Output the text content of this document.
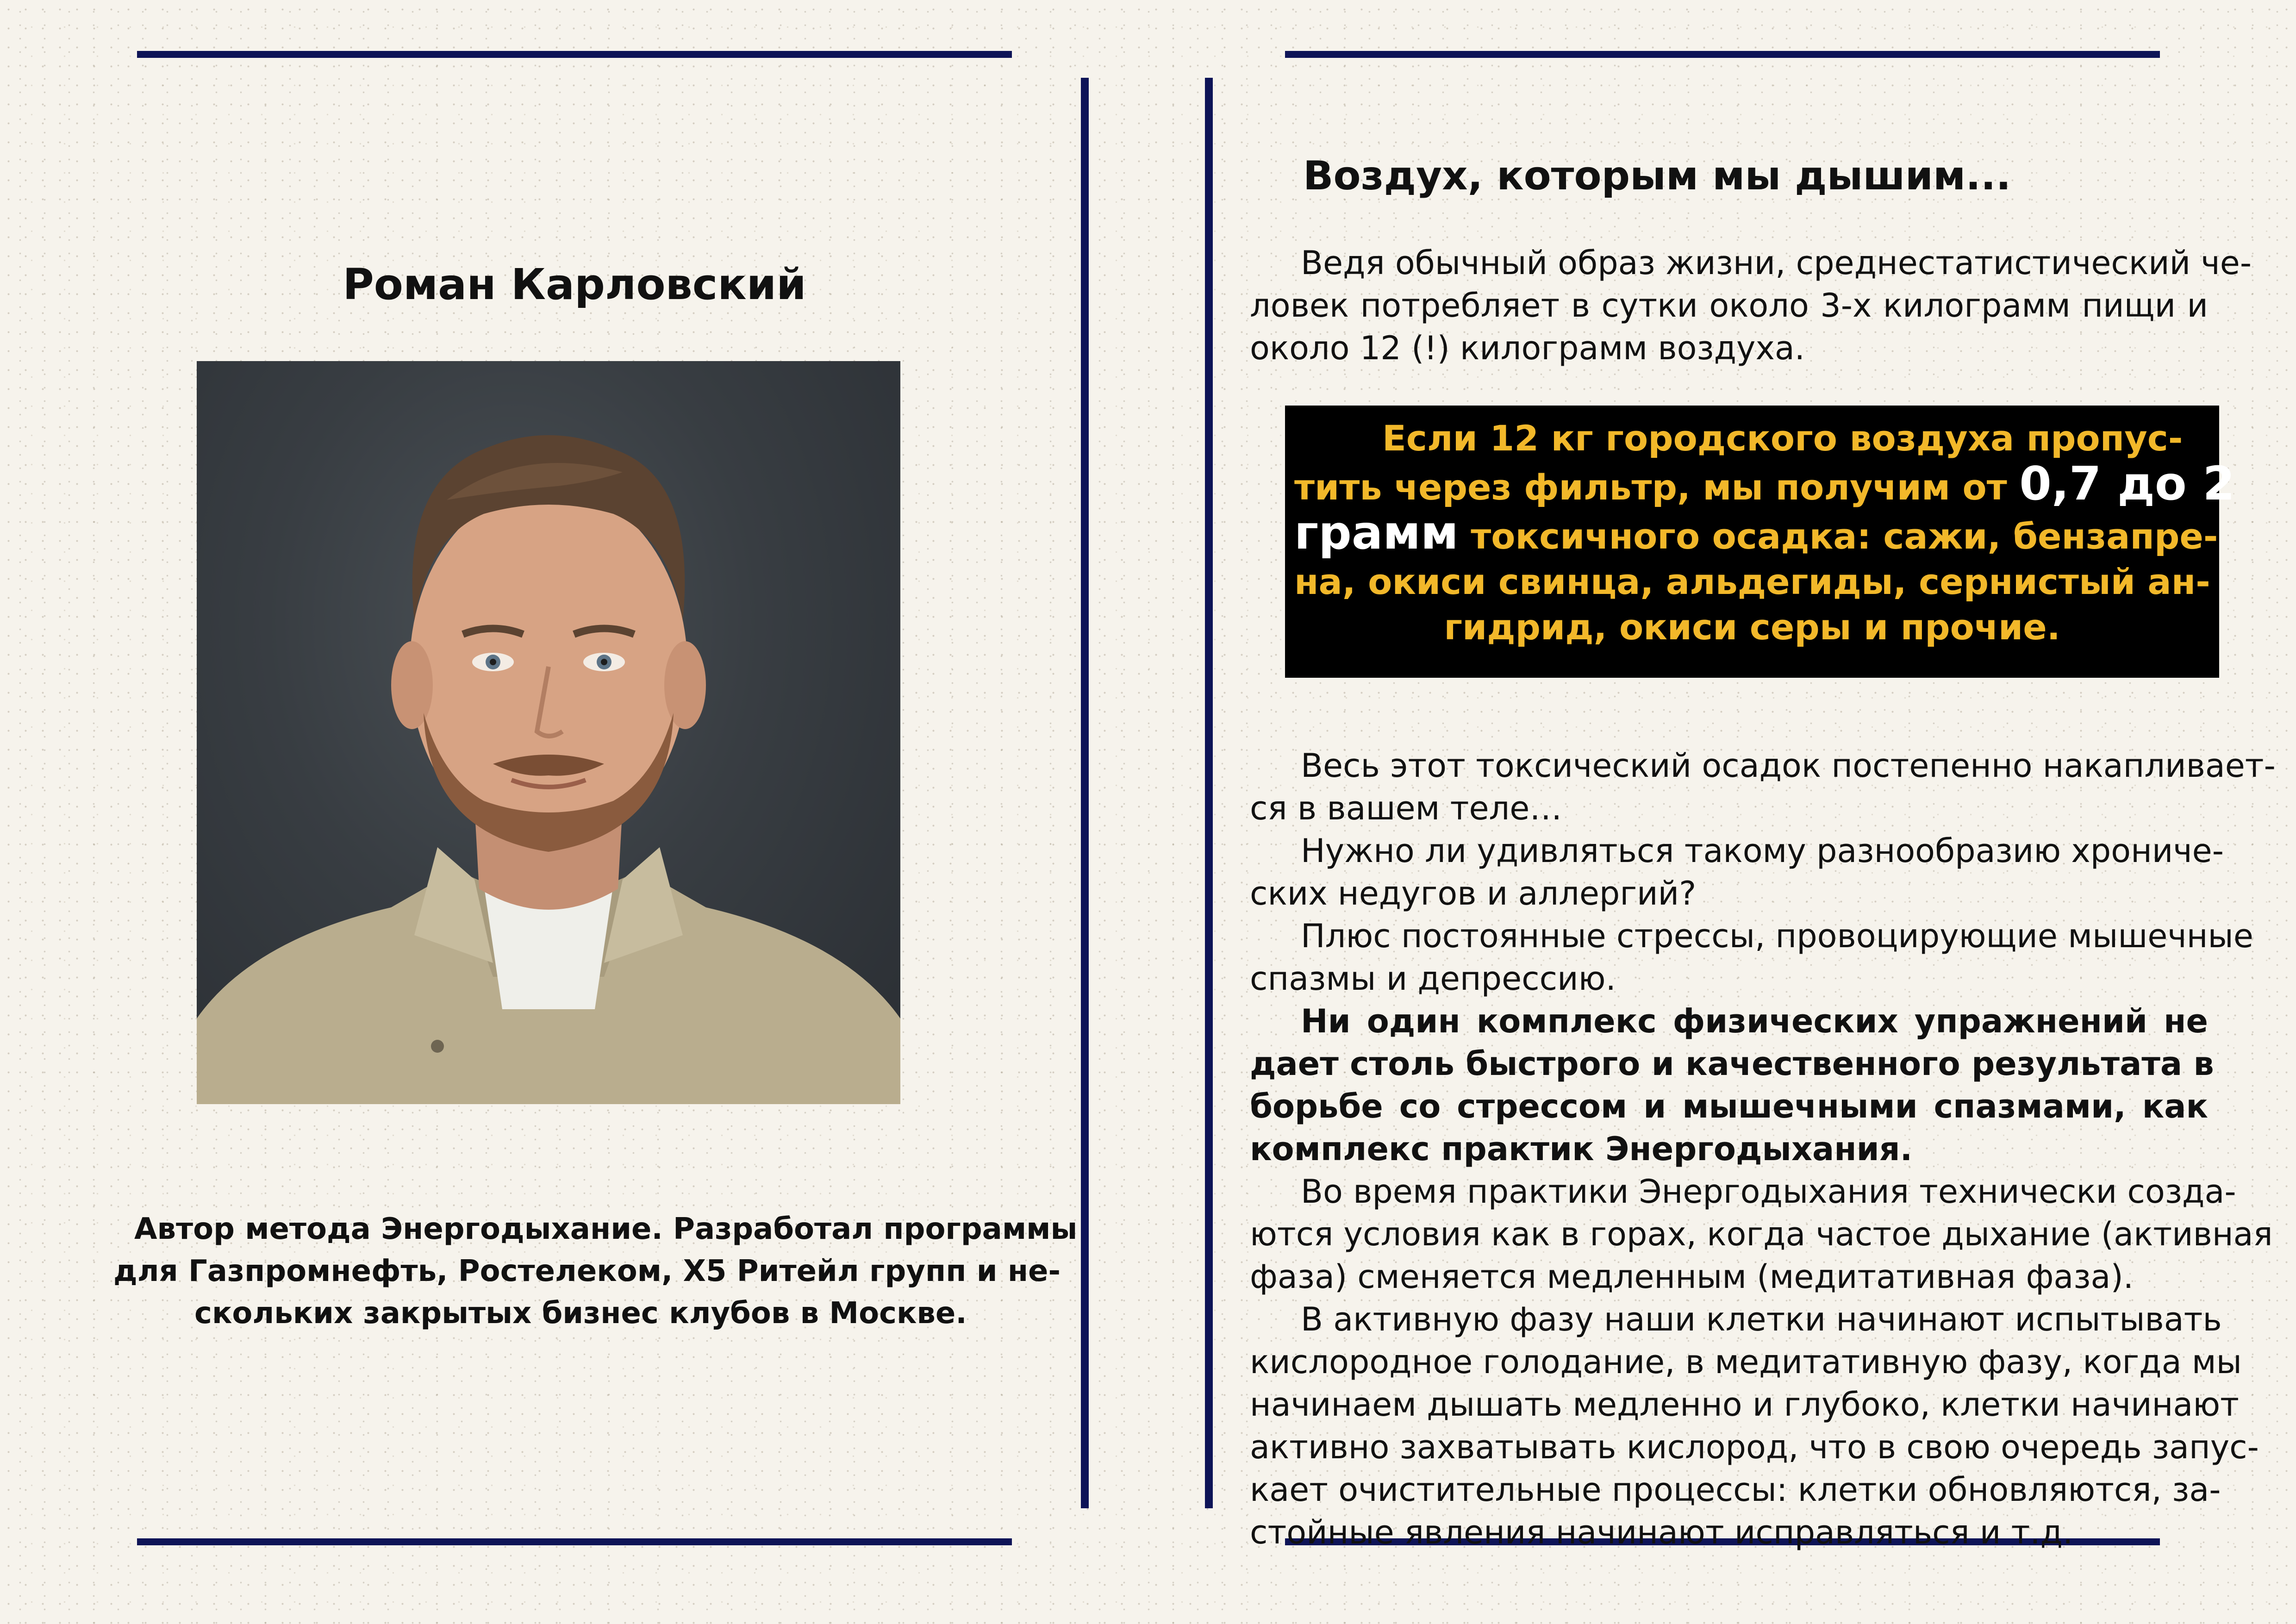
Роман Карловский
Автор метода Энергодыхание. Разработал программы
для Газпромнефть, Ростелеком, Х5 Ритейл групп и не-
скольких закрытых бизнес клубов в Москве.
Воздух, которым мы дышим...
Ведя обычный образ жизни, среднестатистический че-
ловек потребляет в сутки около 3-х килограмм пищи и
около 12 (!) килограмм воздуха.
Если 12 кг городского воздуха пропус-
тить через фильтр, мы получим от 0,7 до 2
грамм токсичного осадка: сажи, бензапре-
на, окиси свинца, альдегиды, сернистый ан-
гидрид, окиси серы и прочие.
Весь этот токсический осадок постепенно накапливает-
ся в вашем теле…
Нужно ли удивляться такому разнообразию хрониче-
ских недугов и аллергий?
Плюс постоянные стрессы, провоцирующие мышечные
спазмы и депрессию.
Ни один комплекс физических упражнений не
дает столь быстрого и качественного результата в
борьбе со стрессом и мышечными спазмами, как
комплекс практик Энергодыхания.
Во время практики Энергодыхания технически созда-
ются условия как в горах, когда частое дыхание (активная
фаза) сменяется медленным (медитативная фаза).
В активную фазу наши клетки начинают испытывать
кислородное голодание, в медитативную фазу, когда мы
начинаем дышать медленно и глубоко, клетки начинают
активно захватывать кислород, что в свою очередь запус-
кает очистительные процессы: клетки обновляются, за-
стойные явления начинают исправляться и т.д.
